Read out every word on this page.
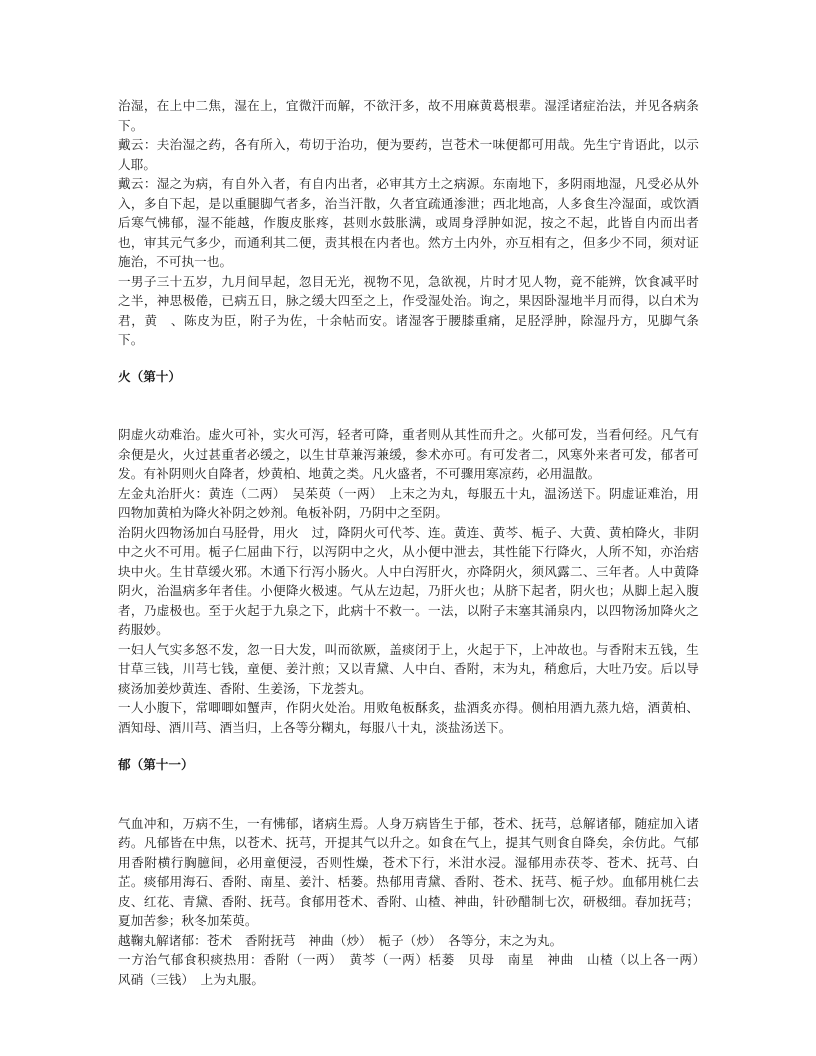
治湿，在上中二焦，湿在上，宜微汗而解，不欲汗多，故不用麻黄葛根辈。湿淫诸症治法，并见各病条下。

戴云：夫治湿之药，各有所入，苟切于治功，便为要药，岂苍术一味便都可用哉。先生宁肯语此，以示人耶。

戴云：湿之为病，有自外入者，有自内出者，必审其方土之病源。东南地下，多阴雨地湿，凡受必从外入，多自下起，是以重腿脚气者多，治当汗散，久者宜疏通渗泄；西北地高，人多食生冷湿面，或饮酒后寒气怫郁，湿不能越，作腹皮胀疼，甚则水鼓胀满，或周身浮肿如泥，按之不起，此皆自内而出者也，审其元气多少，而通利其二便，责其根在内者也。然方土内外，亦互相有之，但多少不同，须对证施治，不可执一也。

一男子三十五岁，九月间早起，忽目无光，视物不见，急欲视，片时才见人物，竟不能辨，饮食减平时之半，神思极倦，已病五日，脉之缓大四至之上，作受湿处治。询之，果因卧湿地半月而得，以白术为君，黄　、陈皮为臣，附子为佐，十余帖而安。诸湿客于腰膝重痛，足胫浮肿，除湿丹方，见脚气条下。

火（第十）

阴虚火动难治。虚火可补，实火可泻，轻者可降，重者则从其性而升之。火郁可发，当看何经。凡气有余便是火，火过甚重者必缓之，以生甘草兼泻兼缓，参术亦可。有可发者二，风寒外来者可发，郁者可发。有补阴则火自降者，炒黄柏、地黄之类。凡火盛者，不可骤用寒凉药，必用温散。

左金丸治肝火：黄连（二两）　吴茱萸（一两）　上末之为丸，每服五十丸，温汤送下。阴虚证难治，用四物加黄柏为降火补阴之妙剂。龟板补阴，乃阴中之至阴。

治阴火四物汤加白马胫骨，用火　过，降阴火可代芩、连。黄连、黄芩、栀子、大黄、黄柏降火，非阴中之火不可用。栀子仁屈曲下行，以泻阴中之火，从小便中泄去，其性能下行降火，人所不知，亦治痞块中火。生甘草缓火邪。木通下行泻小肠火。人中白泻肝火，亦降阴火，须风露二、三年者。人中黄降阴火，治温病多年者佳。小便降火极速。气从左边起，乃肝火也；从脐下起者，阴火也；从脚上起入腹者，乃虚极也。至于火起于九泉之下，此病十不救一。一法，以附子末塞其涌泉内，以四物汤加降火之药服妙。

一妇人气实多怒不发，忽一日大发，叫而欲厥，盖痰闭于上，火起于下，上冲故也。与香附末五钱，生甘草三钱，川芎七钱，童便、姜汁煎；又以青黛、人中白、香附，末为丸，稍愈后，大吐乃安。后以导痰汤加姜炒黄连、香附、生姜汤，下龙荟丸。

一人小腹下，常唧唧如蟹声，作阴火处治。用败龟板酥炙，盐酒炙亦得。侧柏用酒九蒸九焙，酒黄柏、酒知母、酒川芎、酒当归，上各等分糊丸，每服八十丸，淡盐汤送下。

郁（第十一）

气血冲和，万病不生，一有怫郁，诸病生焉。人身万病皆生于郁，苍术、抚芎，总解诸郁，随症加入诸药。凡郁皆在中焦，以苍术、抚芎，开提其气以升之。如食在气上，提其气则食自降矣，余仿此。气郁用香附横行胸臆间，必用童便浸，否则性燥，苍术下行，米泔水浸。湿郁用赤茯苓、苍术、抚芎、白芷。痰郁用海石、香附、南星、姜汁、栝蒌。热郁用青黛、香附、苍术、抚芎、栀子炒。血郁用桃仁去皮、红花、青黛、香附、抚芎。食郁用苍术、香附、山楂、神曲，针砂醋制七次，研极细。春加抚芎；夏加苦参；秋冬加茱萸。

越鞠丸解诸郁：苍术　香附抚芎　神曲（炒）　栀子（炒）　各等分，末之为丸。

一方治气郁食积痰热用：香附（一两）　黄芩（一两）栝蒌　贝母　南星　神曲　山楂（以上各一两）　风硝（三钱）　上为丸服。
